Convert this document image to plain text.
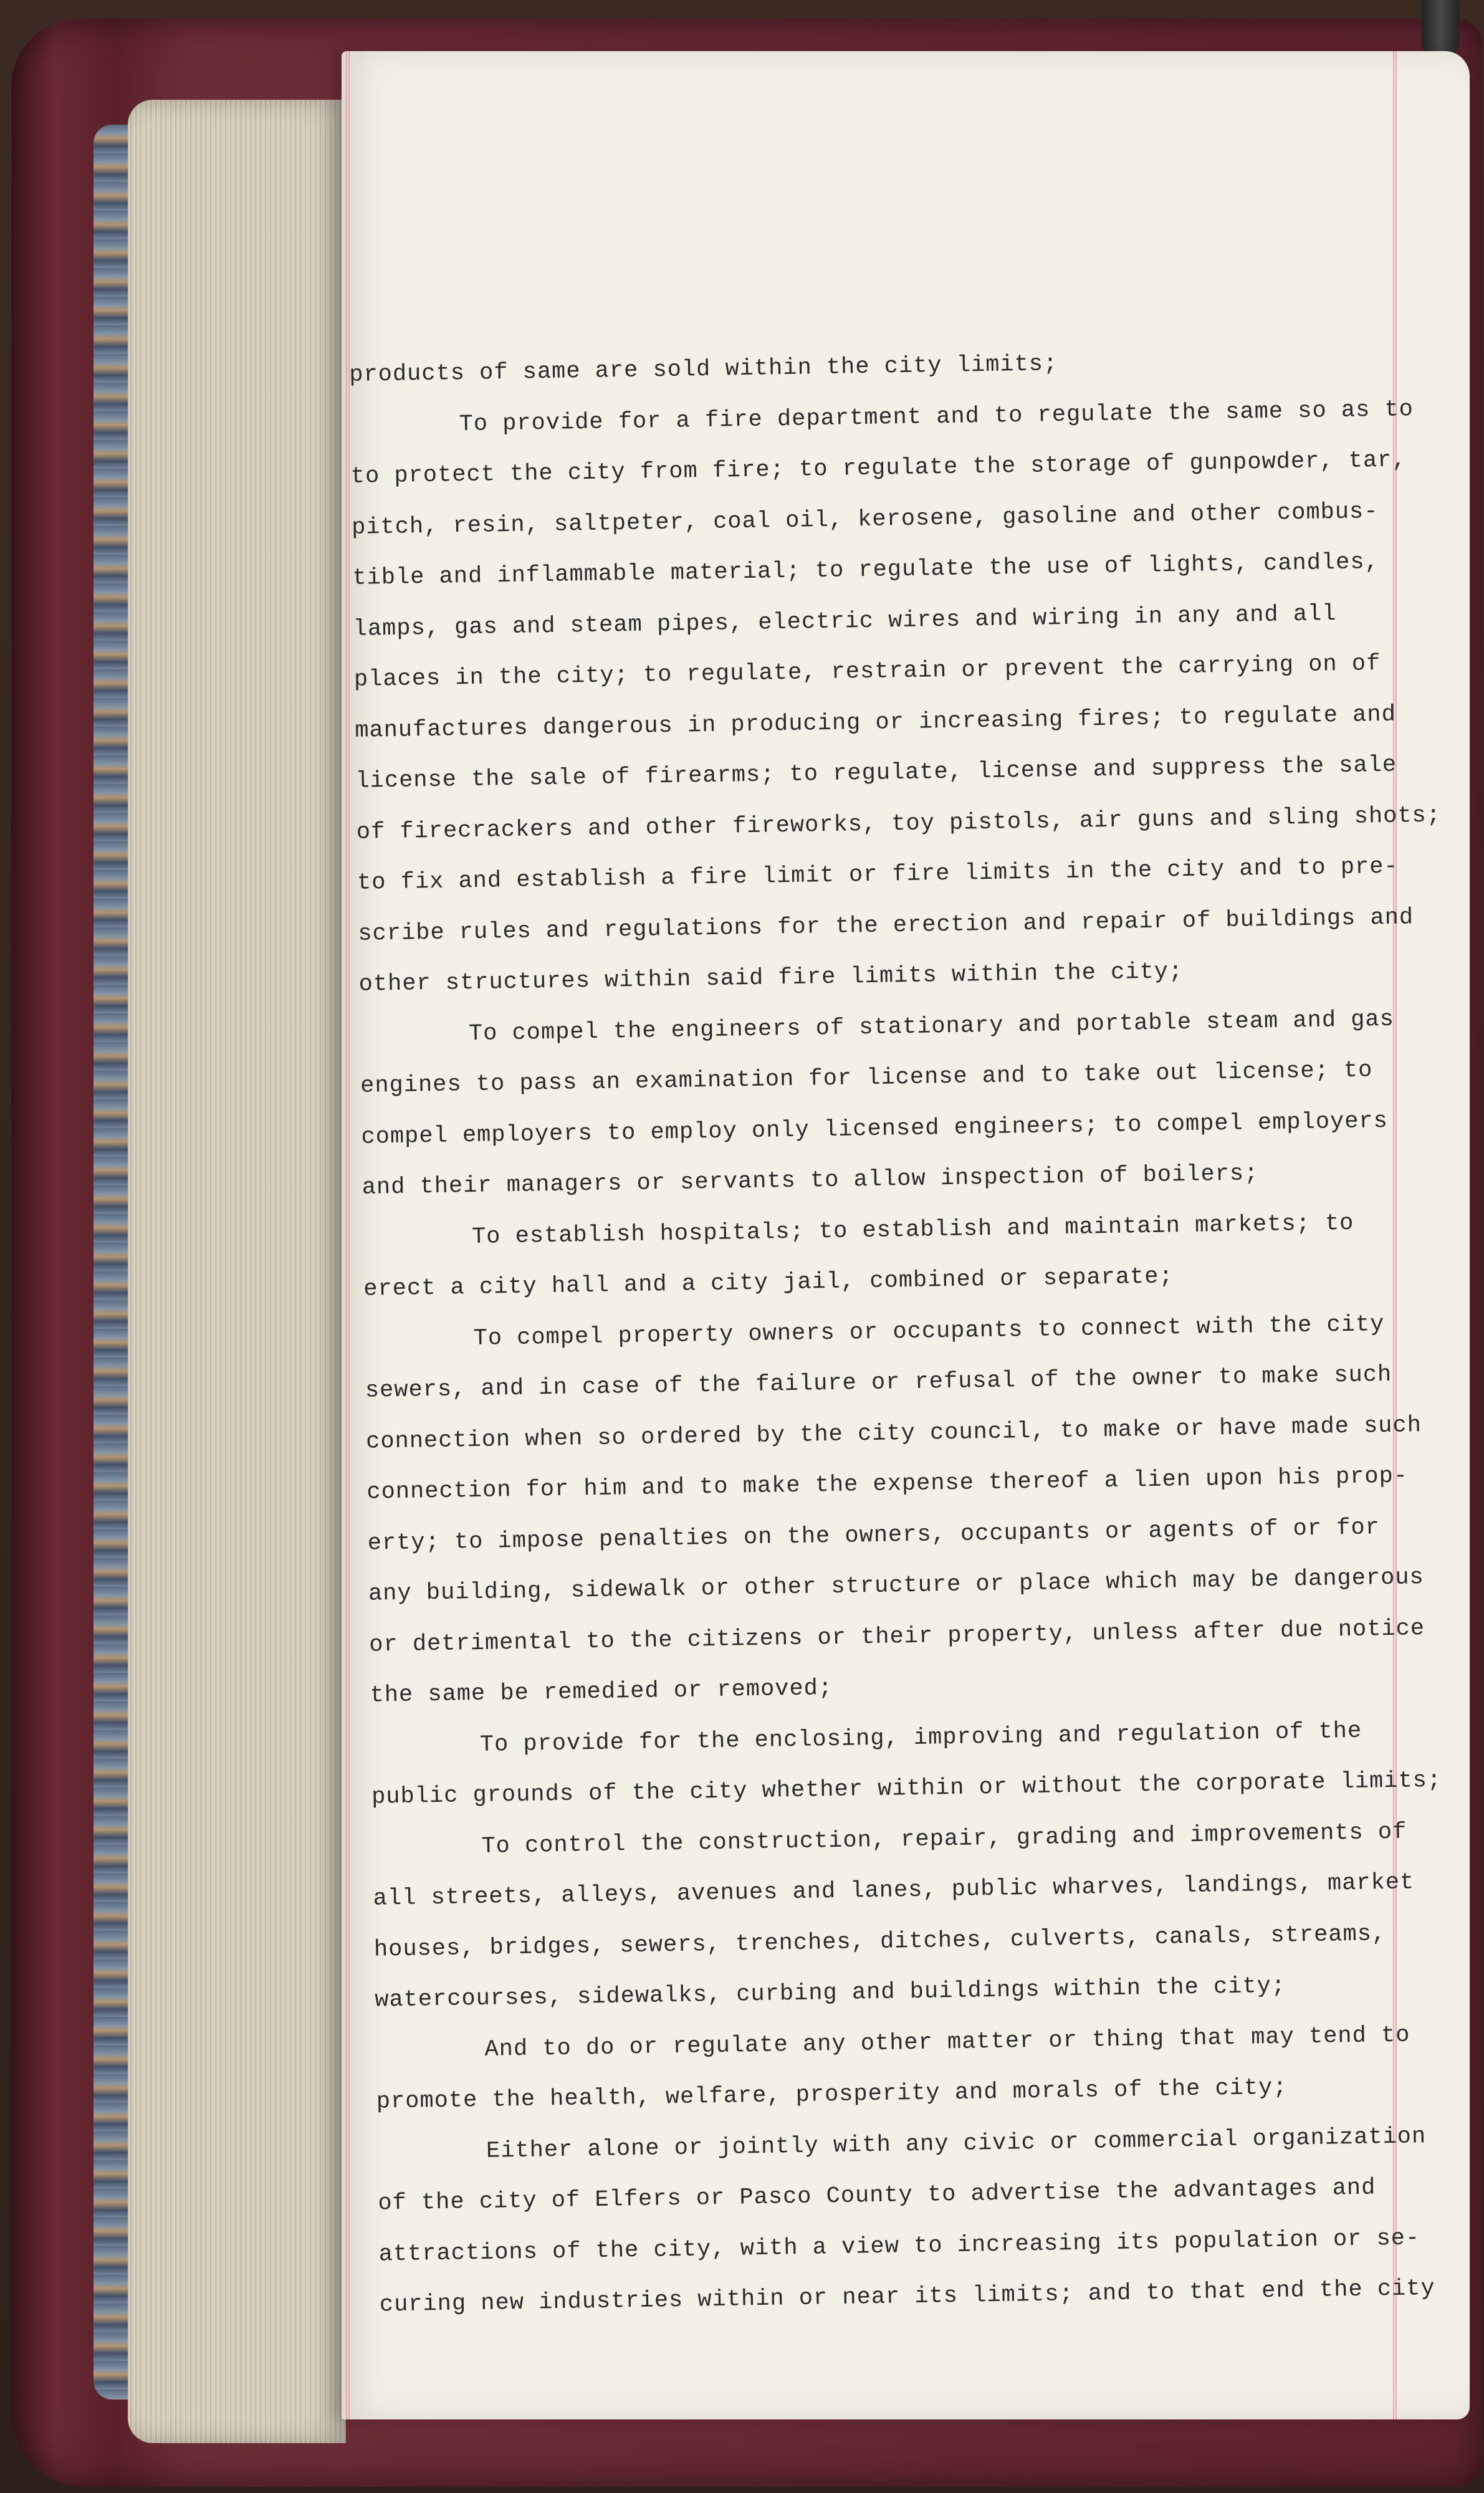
products of same are sold within the city limits;
To provide for a fire department and to regulate the same so as to
to protect the city from fire; to regulate the storage of gunpowder, tar,
pitch, resin, saltpeter, coal oil, kerosene, gasoline and other combus-
tible and inflammable material; to regulate the use of lights, candles,
lamps, gas and steam pipes, electric wires and wiring in any and all
places in the city; to regulate, restrain or prevent the carrying on of
manufactures dangerous in producing or increasing fires; to regulate and
license the sale of firearms; to regulate, license and suppress the sale
of firecrackers and other fireworks, toy pistols, air guns and sling shots;
to fix and establish a fire limit or fire limits in the city and to pre-
scribe rules and regulations for the erection and repair of buildings and
other structures within said fire limits within the city;
To compel the engineers of stationary and portable steam and gas
engines to pass an examination for license and to take out license; to
compel employers to employ only licensed engineers; to compel employers
and their managers or servants to allow inspection of boilers;
To establish hospitals; to establish and maintain markets; to
erect a city hall and a city jail, combined or separate;
To compel property owners or occupants to connect with the city
sewers, and in case of the failure or refusal of the owner to make such
connection when so ordered by the city council, to make or have made such
connection for him and to make the expense thereof a lien upon his prop-
erty; to impose penalties on the owners, occupants or agents of or for
any building, sidewalk or other structure or place which may be dangerous
or detrimental to the citizens or their property, unless after due notice
the same be remedied or removed;
To provide for the enclosing, improving and regulation of the
public grounds of the city whether within or without the corporate limits;
To control the construction, repair, grading and improvements of
all streets, alleys, avenues and lanes, public wharves, landings, market
houses, bridges, sewers, trenches, ditches, culverts, canals, streams,
watercourses, sidewalks, curbing and buildings within the city;
And to do or regulate any other matter or thing that may tend to
promote the health, welfare, prosperity and morals of the city;
Either alone or jointly with any civic or commercial organization
of the city of Elfers or Pasco County to advertise the advantages and
attractions of the city, with a view to increasing its population or se-
curing new industries within or near its limits; and to that end the city
